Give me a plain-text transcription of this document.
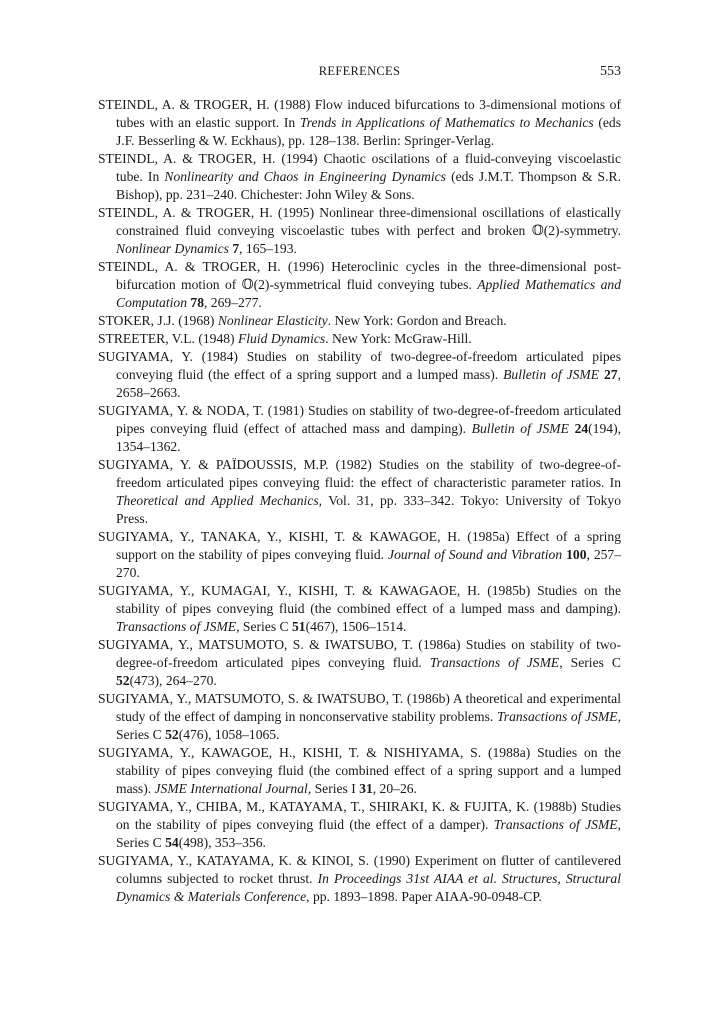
REFERENCES	553

STEINDL, A. & TROGER, H. (1988) Flow induced bifurcations to 3-dimensional motions of tubes with an elastic support. In Trends in Applications of Mathematics to Mechanics (eds J.F. Besserling & W. Eckhaus), pp. 128–138. Berlin: Springer-Verlag.

STEINDL, A. & TROGER, H. (1994) Chaotic oscilations of a fluid-conveying viscoelastic tube. In Nonlinearity and Chaos in Engineering Dynamics (eds J.M.T. Thompson & S.R. Bishop), pp. 231–240. Chichester: John Wiley & Sons.

STEINDL, A. & TROGER, H. (1995) Nonlinear three-dimensional oscillations of elastically constrained fluid conveying viscoelastic tubes with perfect and broken 𝕆(2)-symmetry. Nonlinear Dynamics 7, 165–193.

STEINDL, A. & TROGER, H. (1996) Heteroclinic cycles in the three-dimensional post-bifurcation motion of 𝕆(2)-symmetrical fluid conveying tubes. Applied Mathematics and Computation 78, 269–277.

STOKER, J.J. (1968) Nonlinear Elasticity. New York: Gordon and Breach.

STREETER, V.L. (1948) Fluid Dynamics. New York: McGraw-Hill.

SUGIYAMA, Y. (1984) Studies on stability of two-degree-of-freedom articulated pipes conveying fluid (the effect of a spring support and a lumped mass). Bulletin of JSME 27, 2658–2663.

SUGIYAMA, Y. & NODA, T. (1981) Studies on stability of two-degree-of-freedom articulated pipes conveying fluid (effect of attached mass and damping). Bulletin of JSME 24(194), 1354–1362.

SUGIYAMA, Y. & PAÏDOUSSIS, M.P. (1982) Studies on the stability of two-degree-of-freedom articulated pipes conveying fluid: the effect of characteristic parameter ratios. In Theoretical and Applied Mechanics, Vol. 31, pp. 333–342. Tokyo: University of Tokyo Press.

SUGIYAMA, Y., TANAKA, Y., KISHI, T. & KAWAGOE, H. (1985a) Effect of a spring support on the stability of pipes conveying fluid. Journal of Sound and Vibration 100, 257–270.

SUGIYAMA, Y., KUMAGAI, Y., KISHI, T. & KAWAGAOE, H. (1985b) Studies on the stability of pipes conveying fluid (the combined effect of a lumped mass and damping). Transactions of JSME, Series C 51(467), 1506–1514.

SUGIYAMA, Y., MATSUMOTO, S. & IWATSUBO, T. (1986a) Studies on stability of two-degree-of-freedom articulated pipes conveying fluid. Transactions of JSME, Series C 52(473), 264–270.

SUGIYAMA, Y., MATSUMOTO, S. & IWATSUBO, T. (1986b) A theoretical and experimental study of the effect of damping in nonconservative stability problems. Transactions of JSME, Series C 52(476), 1058–1065.

SUGIYAMA, Y., KAWAGOE, H., KISHI, T. & NISHIYAMA, S. (1988a) Studies on the stability of pipes conveying fluid (the combined effect of a spring support and a lumped mass). JSME International Journal, Series I 31, 20–26.

SUGIYAMA, Y., CHIBA, M., KATAYAMA, T., SHIRAKI, K. & FUJITA, K. (1988b) Studies on the stability of pipes conveying fluid (the effect of a damper). Transactions of JSME, Series C 54(498), 353–356.

SUGIYAMA, Y., KATAYAMA, K. & KINOI, S. (1990) Experiment on flutter of cantilevered columns subjected to rocket thrust. In Proceedings 31st AIAA et al. Structures, Structural Dynamics & Materials Conference, pp. 1893–1898. Paper AIAA-90-0948-CP.
